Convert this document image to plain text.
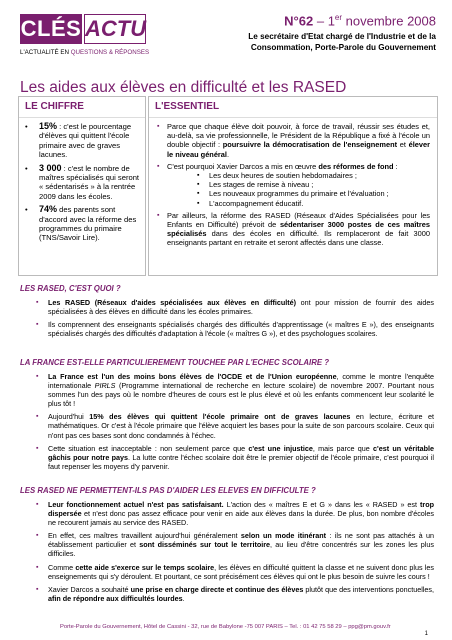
CLÉS ACTU
L'ACTUALITÉ EN QUESTIONS & RÉPONSES
N°62 – 1er novembre 2008
Le secrétaire d'Etat chargé de l'Industrie et de la Consommation, Porte-Parole du Gouvernement
Les aides aux élèves en difficulté et les RASED
LE CHIFFRE
• 15% : c'est le pourcentage d'élèves qui quittent l'école primaire avec de graves lacunes.
• 3 000 : c'est le nombre de maîtres spécialisés qui seront « sédentarisés » à la rentrée 2009 dans les écoles.
• 74% des parents sont d'accord avec la réforme des programmes du primaire (TNS/Savoir Lire).
L'ESSENTIEL
▪ Parce que chaque élève doit pouvoir, à force de travail, réussir ses études et, au-delà, sa vie professionnelle, le Président de la République a fixé à l'école un double objectif : poursuivre la démocratisation de l'enseignement et élever le niveau général.
▪ C'est pourquoi Xavier Darcos a mis en œuvre des réformes de fond :
▪ Les deux heures de soutien hebdomadaires ;
▪ Les stages de remise à niveau ;
▪ Les nouveaux programmes du primaire et l'évaluation ;
▪ L'accompagnement éducatif.
▪ Par ailleurs, la réforme des RASED (Réseaux d'Aides Spécialisées pour les Enfants en Difficulté) prévoit de sédentariser 3000 postes de ces maîtres spécialisés dans des écoles en difficulté. Ils remplaceront de fait 3000 enseignants partant en retraite et seront affectés dans une classe.
LES RASED, C'EST QUOI ?
▪ Les RASED (Réseaux d'aides spécialisées aux élèves en difficulté) ont pour mission de fournir des aides spécialisées à des élèves en difficulté dans les écoles primaires.
▪ Ils comprennent des enseignants spécialisés chargés des difficultés d'apprentissage (« maîtres E »), des enseignants spécialisés chargés des difficultés d'adaptation à l'école (« maîtres G »), et des psychologues scolaires.
LA FRANCE EST-ELLE PARTICULIEREMENT TOUCHEE PAR L'ECHEC SCOLAIRE ?
▪ La France est l'un des moins bons élèves de l'OCDE et de l'Union européenne, comme le montre l'enquête internationale PIRLS (Programme international de recherche en lecture scolaire) de novembre 2007. Pourtant nous sommes l'un des pays où le nombre d'heures de cours est le plus élevé et où les enfants commencent leur scolarité le plus tôt !
▪ Aujourd'hui 15% des élèves qui quittent l'école primaire ont de graves lacunes en lecture, écriture et mathématiques. Or c'est à l'école primaire que l'élève acquiert les bases pour la suite de son parcours scolaire. Ceux qui n'ont pas ces bases sont donc condamnés à l'échec.
▪ Cette situation est inacceptable : non seulement parce que c'est une injustice, mais parce que c'est un véritable gâchis pour notre pays. La lutte contre l'échec scolaire doit être le premier objectif de l'école primaire, c'est pourquoi il faut repenser les moyens d'y parvenir.
LES RASED NE PERMETTENT-ILS PAS D'AIDER LES ELEVES EN DIFFICULTE ?
▪ Leur fonctionnement actuel n'est pas satisfaisant. L'action des « maîtres E et G » dans les « RASED » est trop dispersée et n'est donc pas assez efficace pour venir en aide aux élèves dans la durée. De plus, bon nombre d'écoles ne recourent jamais au service des RASED.
▪ En effet, ces maîtres travaillent aujourd'hui généralement selon un mode itinérant : ils ne sont pas attachés à un établissement particulier et sont disséminés sur tout le territoire, au lieu d'être concentrés sur les zones les plus difficiles.
▪ Comme cette aide s'exerce sur le temps scolaire, les élèves en difficulté quittent la classe et ne suivent donc plus les enseignements qui s'y déroulent. Et pourtant, ce sont précisément ces élèves qui ont le plus besoin de suivre les cours !
▪ Xavier Darcos a souhaité une prise en charge directe et continue des élèves plutôt que des interventions ponctuelles, afin de répondre aux difficultés lourdes.
Porte-Parole du Gouvernement, Hôtel de Cassini - 32, rue de Babylone -75 007 PARIS – Tel. : 01 42 75 58 29 – ppg@pm.gouv.fr
1
